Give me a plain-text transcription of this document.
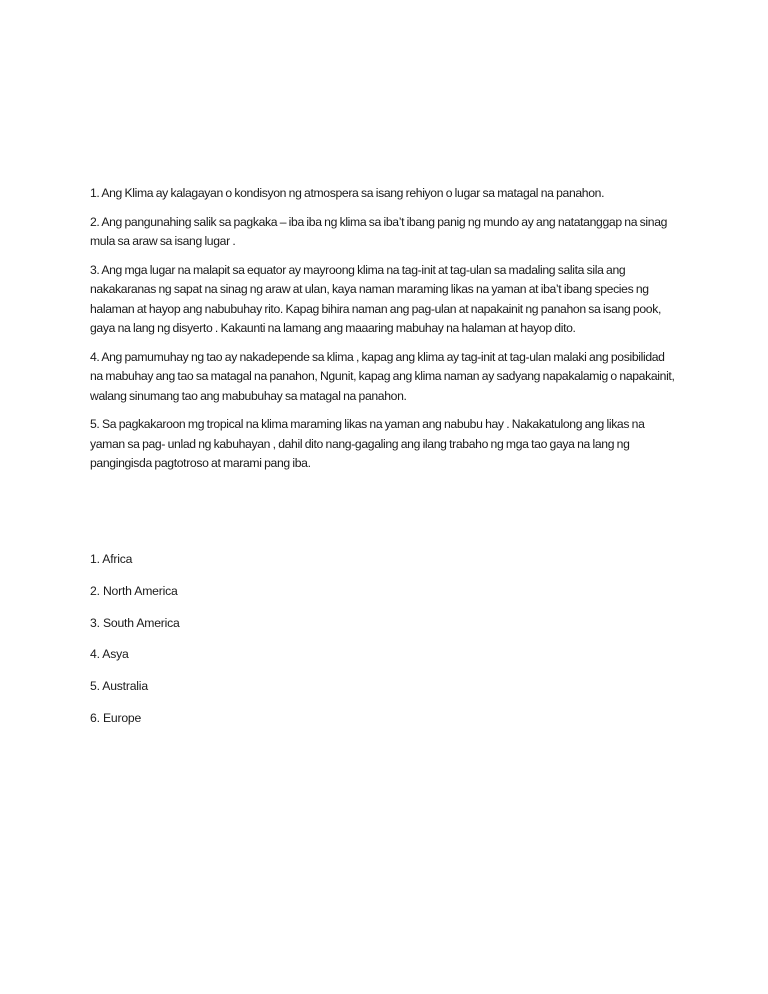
1. Ang Klima ay kalagayan o kondisyon ng atmospera sa isang rehiyon o lugar sa matagal na panahon.

2. Ang pangunahing salik sa pagkaka – iba iba ng klima sa iba’t ibang panig ng mundo ay ang natatanggap na sinag mula sa araw sa isang lugar .

3. Ang mga lugar na malapit sa equator ay mayroong klima na tag-init at tag-ulan sa madaling salita sila ang nakakaranas ng sapat na sinag ng araw at ulan, kaya naman maraming likas na yaman at iba’t ibang species ng halaman at hayop ang nabubuhay rito. Kapag bihira naman ang pag-ulan at napakainit ng panahon sa isang pook, gaya na lang ng disyerto . Kakaunti na lamang ang maaaring mabuhay na halaman at hayop dito.

4. Ang pamumuhay ng tao ay nakadepende sa klima , kapag ang klima ay tag-init at tag-ulan malaki ang posibilidad na mabuhay ang tao sa matagal na panahon, Ngunit, kapag ang klima naman ay sadyang napakalamig o napakainit, walang sinumang tao ang mabubuhay sa matagal na panahon.

5. Sa pagkakaroon mg tropical na klima maraming likas na yaman ang nabubu hay . Nakakatulong ang likas na yaman sa pag- unlad ng kabuhayan , dahil dito nang-gagaling ang ilang trabaho ng mga tao gaya na lang ng pangingisda pagtotroso at marami pang iba.

1. Africa
2. North America
3. South America
4. Asya
5. Australia
6. Europe
